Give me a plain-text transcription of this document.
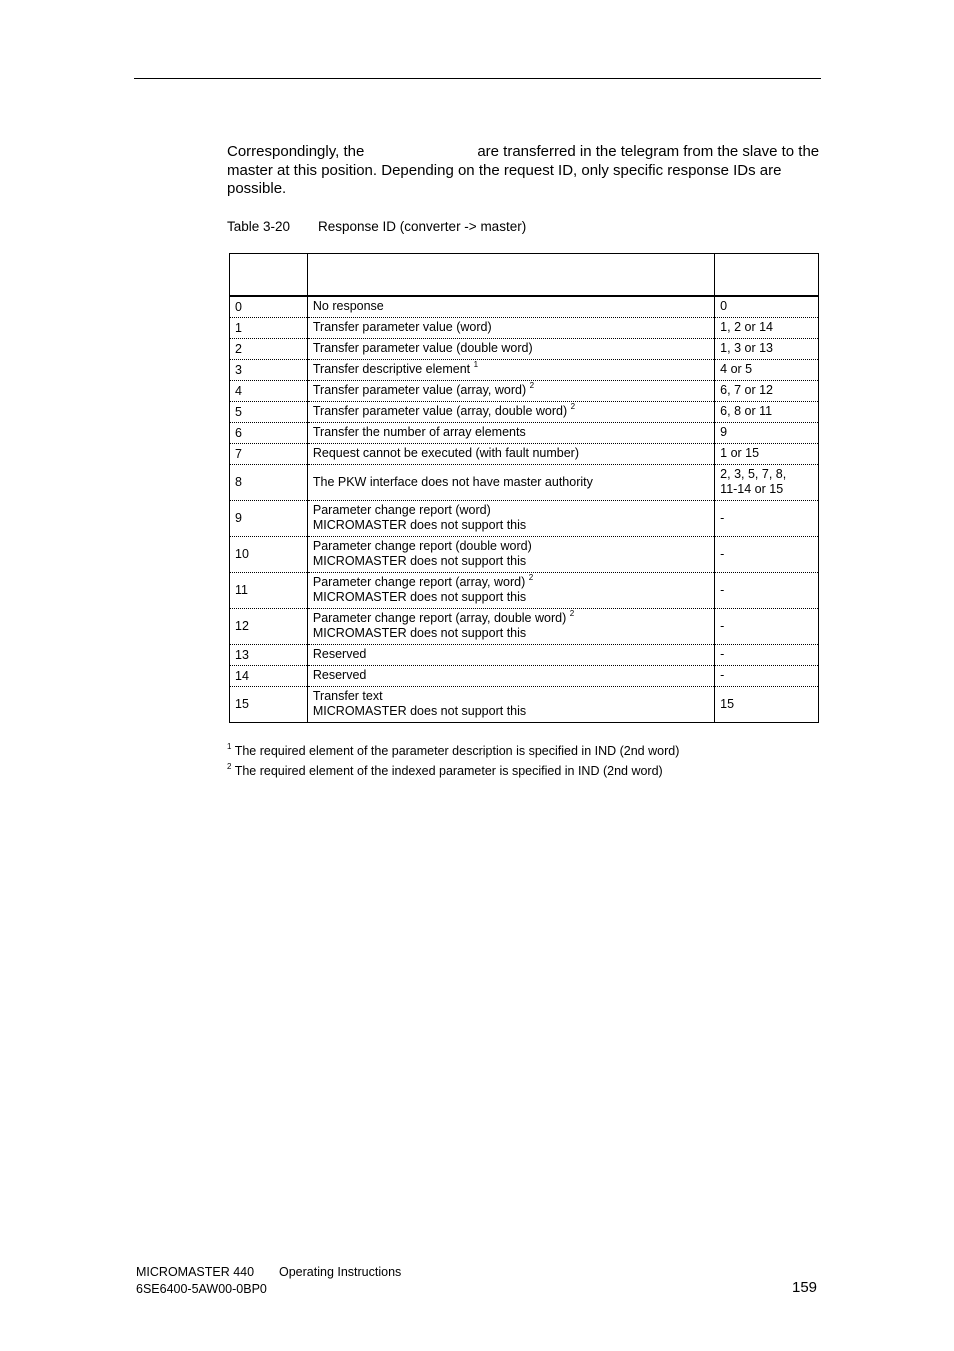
Correspondingly, the	are transferred in the telegram from the slave to the master at this position. Depending on the request ID, only specific response IDs are possible.
Table 3-20 Response ID (converter -> master)

0	No response	0

1	Transfer parameter value (word)	1, 2 or 14

2	Transfer parameter value (double word)	1, 3 or 13

3	Transfer descriptive element $^1$	4 or 5

4	Transfer parameter value (array, word) $^2$	6, 7 or 12

5	Transfer parameter value (array, double word) $^2$	6, 8 or 11

6	Transfer the number of array elements	9

7	Request cannot be executed (with fault number)	1 or 15

8	The PKW interface does not have master authority	2, 3, 5, 7, 8,
11-14 or 15

9	Parameter change report (word)
MICROMASTER does not support this	-

10	Parameter change report (double word)
MICROMASTER does not support this	-

11	Parameter change report (array, word) $^2$
MICROMASTER does not support this	-

12	Parameter change report (array, double word) $^2$
MICROMASTER does not support this	-

13	Reserved	-

14	Reserved	-

15	Transfer text
MICROMASTER does not support this	15
$^1$ The required element of the parameter description is specified in IND (2nd word)
$^2$ The required element of the indexed parameter is specified in IND (2nd word)
MICROMASTER 440 Operating Instructions
6SE6400-5AW00-0BP0	159
